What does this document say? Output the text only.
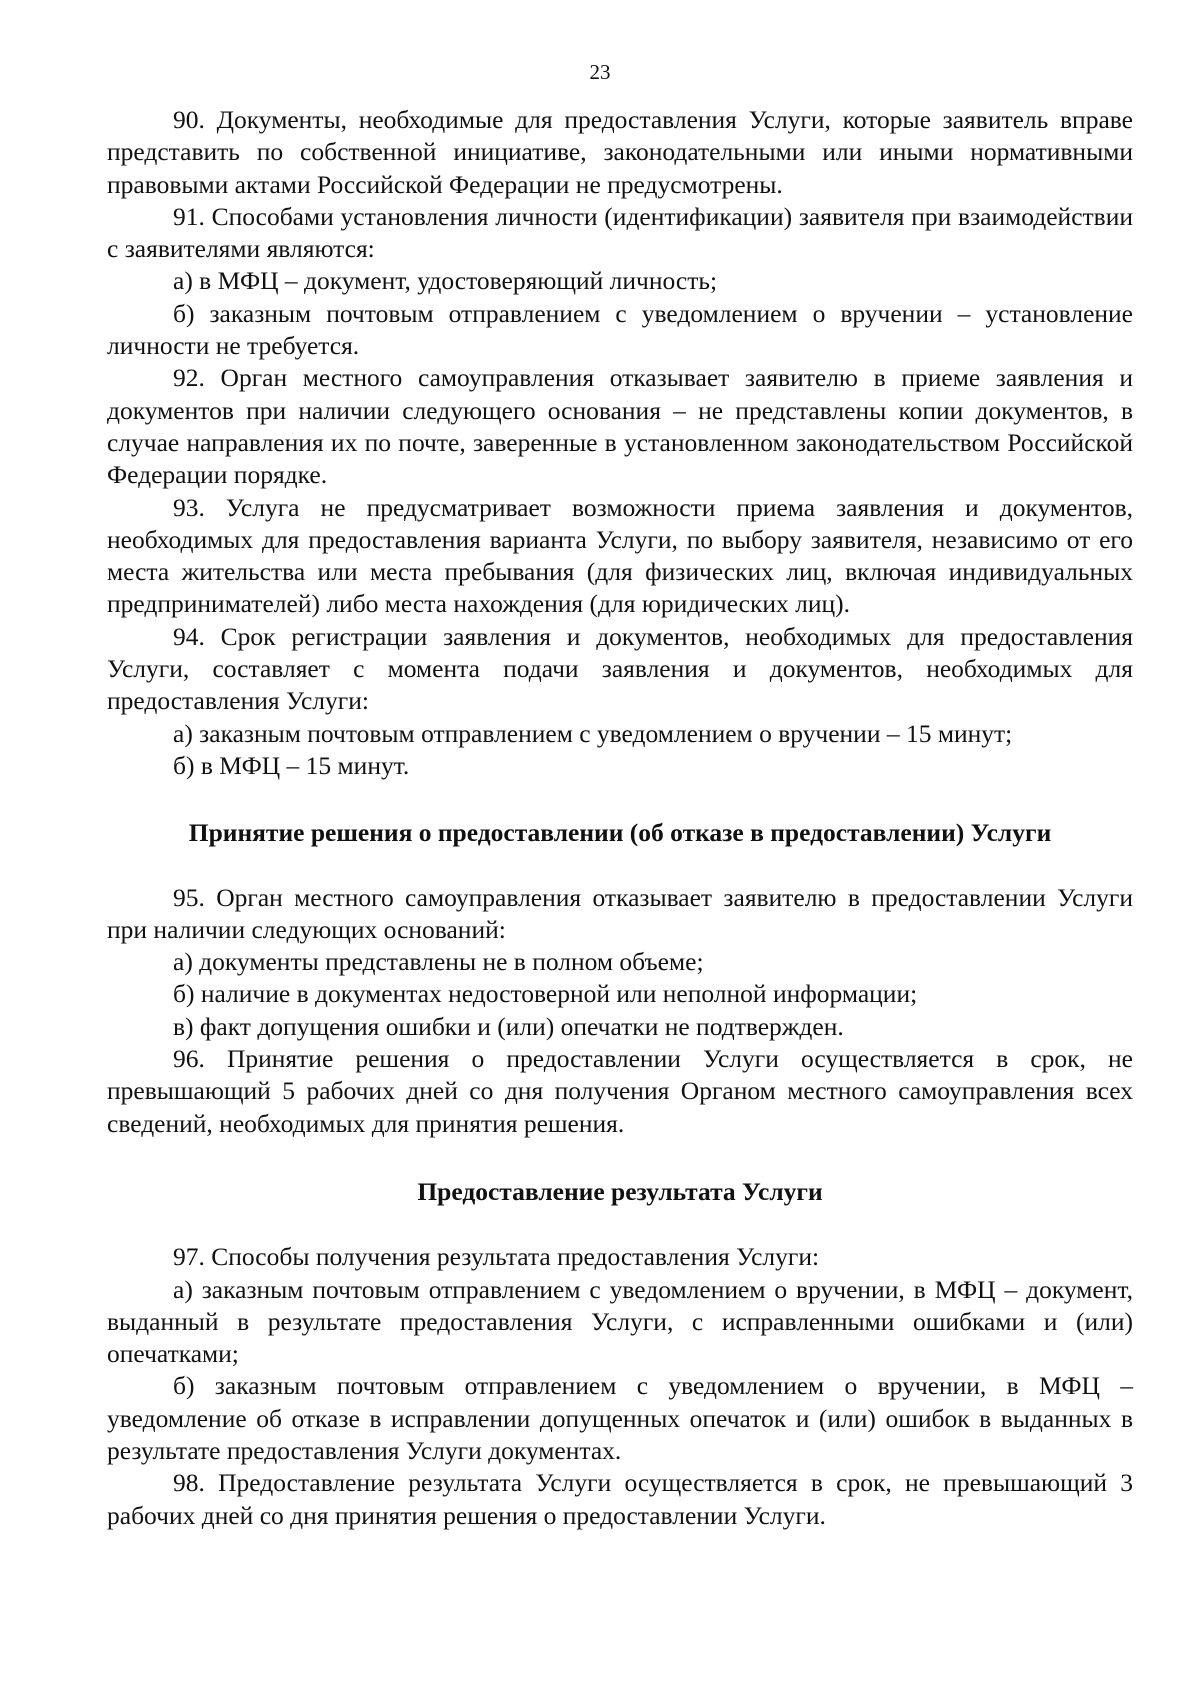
23

90. Документы, необходимые для предоставления Услуги, которые заявитель вправе представить по собственной инициативе, законодательными или иными нормативными правовыми актами Российской Федерации не предусмотрены.

91. Способами установления личности (идентификации) заявителя при взаимодействии с заявителями являются:

а) в МФЦ – документ, удостоверяющий личность;

б) заказным почтовым отправлением с уведомлением о вручении – установление личности не требуется.

92. Орган местного самоуправления отказывает заявителю в приеме заявления и документов при наличии следующего основания – не представлены копии документов, в случае направления их по почте, заверенные в установленном законодательством Российской Федерации порядке.

93. Услуга не предусматривает возможности приема заявления и документов, необходимых для предоставления варианта Услуги, по выбору заявителя, независимо от его места жительства или места пребывания (для физических лиц, включая индивидуальных предпринимателей) либо места нахождения (для юридических лиц).

94. Срок регистрации заявления и документов, необходимых для предоставления Услуги, составляет с момента подачи заявления и документов, необходимых для предоставления Услуги:

а) заказным почтовым отправлением с уведомлением о вручении – 15 минут;

б) в МФЦ – 15 минут.

Принятие решения о предоставлении (об отказе в предоставлении) Услуги

95. Орган местного самоуправления отказывает заявителю в предоставлении Услуги при наличии следующих оснований:

а) документы представлены не в полном объеме;

б) наличие в документах недостоверной или неполной информации;

в) факт допущения ошибки и (или) опечатки не подтвержден.

96. Принятие решения о предоставлении Услуги осуществляется в срок, не превышающий 5 рабочих дней со дня получения Органом местного самоуправления всех сведений, необходимых для принятия решения.

Предоставление результата Услуги

97. Способы получения результата предоставления Услуги:

а) заказным почтовым отправлением с уведомлением о вручении, в МФЦ – документ, выданный в результате предоставления Услуги, с исправленными ошибками и (или) опечатками;

б) заказным почтовым отправлением с уведомлением о вручении, в МФЦ – уведомление об отказе в исправлении допущенных опечаток и (или) ошибок в выданных в результате предоставления Услуги документах.

98. Предоставление результата Услуги осуществляется в срок, не превышающий 3 рабочих дней со дня принятия решения о предоставлении Услуги.
